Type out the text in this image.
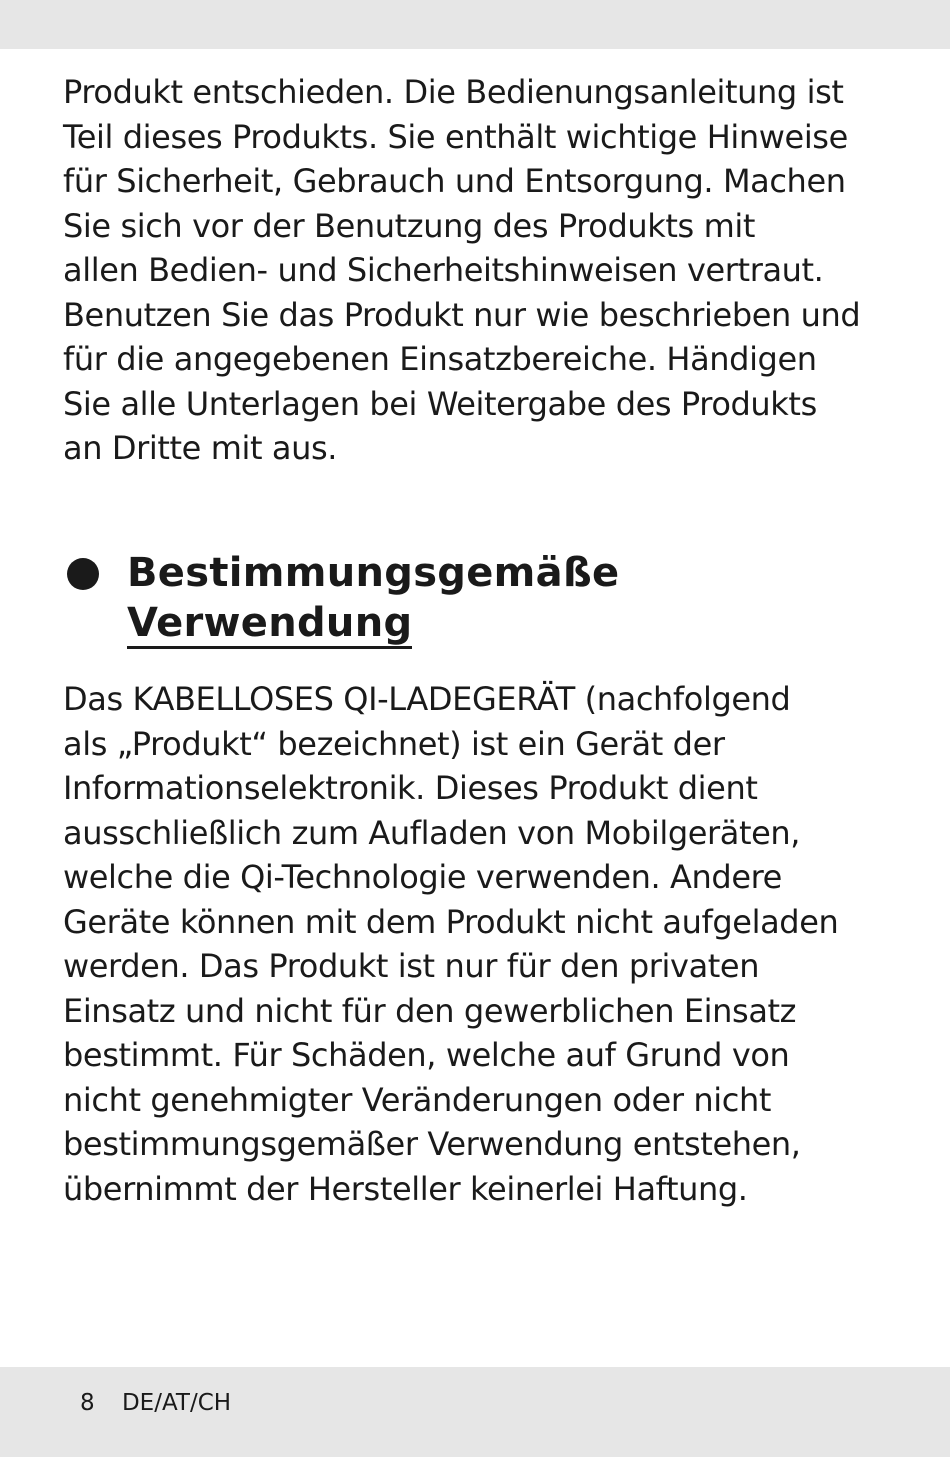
Produkt entschieden. Die Bedienungsanleitung ist
Teil dieses Produkts. Sie enthält wichtige Hinweise
für Sicherheit, Gebrauch und Entsorgung. Machen
Sie sich vor der Benutzung des Produkts mit
allen Bedien- und Sicherheitshinweisen vertraut.
Benutzen Sie das Produkt nur wie beschrieben und
für die angegebenen Einsatzbereiche. Händigen
Sie alle Unterlagen bei Weitergabe des Produkts
an Dritte mit aus.
Bestimmungsgemäße
Verwendung
Das KABELLOSES QI-LADEGERÄT (nachfolgend
als „Produkt“ bezeichnet) ist ein Gerät der
Informationselektronik. Dieses Produkt dient
ausschließlich zum Aufladen von Mobilgeräten,
welche die Qi-Technologie verwenden. Andere
Geräte können mit dem Produkt nicht aufgeladen
werden. Das Produkt ist nur für den privaten
Einsatz und nicht für den gewerblichen Einsatz
bestimmt. Für Schäden, welche auf Grund von
nicht genehmigter Veränderungen oder nicht
bestimmungsgemäßer Verwendung entstehen,
übernimmt der Hersteller keinerlei Haftung.
8 DE/AT/CH
